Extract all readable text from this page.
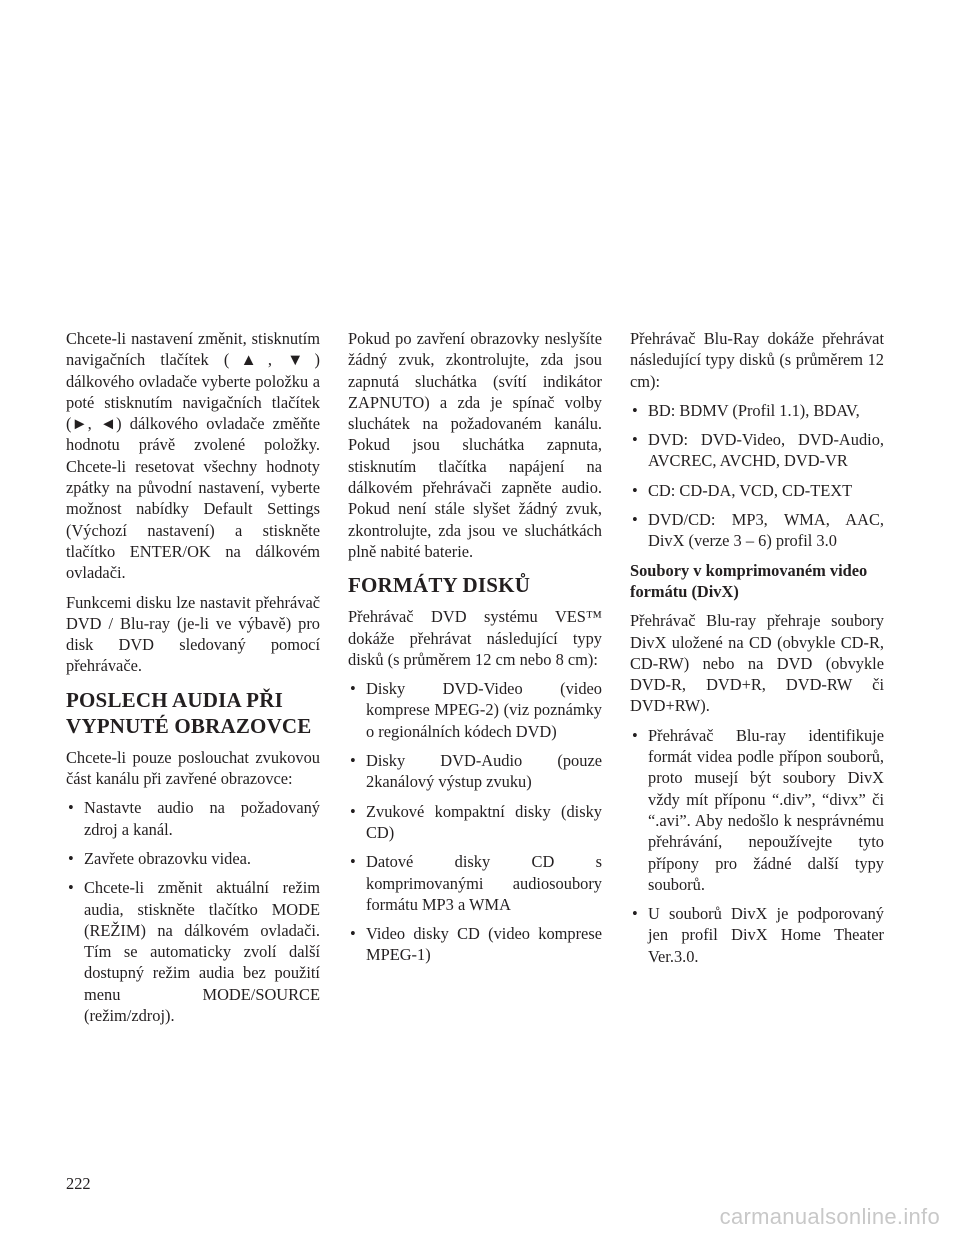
Chcete-li nastavení změnit, stisknutím navigačních tlačítek (▲, ▼) dálkového ovladače vyberte položku a poté stisknutím navigačních tlačítek (►, ◄) dálkového ovladače změňte hodnotu právě zvolené položky. Chcete-li resetovat všechny hodnoty zpátky na původní nastavení, vyberte možnost nabídky Default Settings (Výchozí nastavení) a stiskněte tlačítko ENTER/OK na dálkovém ovladači.

Funkcemi disku lze nastavit přehrávač DVD / Blu-ray (je-li ve výbavě) pro disk DVD sledovaný pomocí přehrávače.

POSLECH AUDIA PŘI
VYPNUTÉ OBRAZOVCE

Chcete-li pouze poslouchat zvukovou část kanálu při zavřené obrazovce:

• Nastavte audio na požadovaný zdroj a kanál.
• Zavřete obrazovku videa.
• Chcete-li změnit aktuální režim audia, stiskněte tlačítko MODE (REŽIM) na dálkovém ovladači. Tím se automaticky zvolí další dostupný režim audia bez použití menu MODE/SOURCE (režim/zdroj).

Pokud po zavření obrazovky neslyšíte žádný zvuk, zkontrolujte, zda jsou zapnutá sluchátka (svítí indikátor ZAPNUTO) a zda je spínač volby sluchátek na požadovaném kanálu. Pokud jsou sluchátka zapnuta, stisknutím tlačítka napájení na dálkovém přehrávači zapněte audio. Pokud není stále slyšet žádný zvuk, zkontrolujte, zda jsou ve sluchátkách plně nabité baterie.

FORMÁTY DISKŮ

Přehrávač DVD systému VES™ dokáže přehrávat následující typy disků (s průměrem 12 cm nebo 8 cm):

• Disky DVD-Video (video komprese MPEG-2) (viz poznámky o regionálních kódech DVD)
• Disky DVD-Audio (pouze 2kanálový výstup zvuku)
• Zvukové kompaktní disky (disky CD)
• Datové disky CD s komprimovanými audiosoubory formátu MP3 a WMA
• Video disky CD (video komprese MPEG-1)

Přehrávač Blu-Ray dokáže přehrávat následující typy disků (s průměrem 12 cm):

• BD: BDMV (Profil 1.1), BDAV,
• DVD: DVD-Video, DVD-Audio, AVCREC, AVCHD, DVD-VR
• CD: CD-DA, VCD, CD-TEXT
• DVD/CD: MP3, WMA, AAC, DivX (verze 3 – 6) profil 3.0
Soubory v komprimovaném video formátu (DivX)

Přehrávač Blu-ray přehraje soubory DivX uložené na CD (obvykle CD-R, CD-RW) nebo na DVD (obvykle DVD-R, DVD+R, DVD-RW či DVD+RW).

• Přehrávač Blu-ray identifikuje formát videa podle přípon souborů, proto musejí být soubory DivX vždy mít příponu “.div”, “divx” či “.avi”. Aby nedošlo k nesprávnému přehrávání, nepoužívejte tyto přípony pro žádné další typy souborů.
• U souborů DivX je podporovaný jen profil DivX Home Theater Ver.3.0.
222
carmanualsonline.info
